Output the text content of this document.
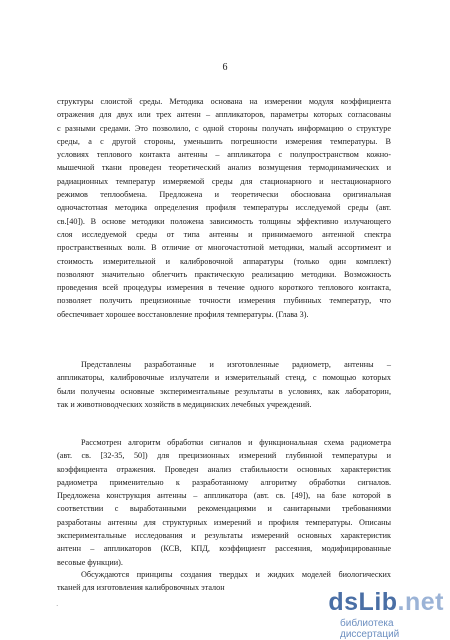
6
структуры слоистой среды. Методика основана на измерении модуля коэффициента
отражения для двух или трех антенн – аппликаторов, параметры которых согласованы
с разными средами. Это позволило, с одной стороны получать информацию о структуре
среды, а с другой стороны, уменьшить погрешности измерения температуры. В
условиях теплового контакта антенны – аппликатора с полупространством кожно-
мышечной ткани проведен теоретический анализ возмущения термодинамических и
радиационных температур измеряемой среды для стационарного и нестационарного
режимов теплообмена. Предложена и теоретически обоснована оригинальная
одночастотная методика определения профиля температуры исследуемой среды (авт.
св.[40]). В основе методики положена зависимость толщины эффективно излучающего
слоя исследуемой среды от типа антенны и принимаемого антенной спектра
пространственных волн. В отличие от многочастотной методики, малый ассортимент и
стоимость измерительной и калибровочной аппаратуры (только один комплект)
позволяют значительно облегчить практическую реализацию методики. Возможность
проведения всей процедуры измерения в течение одного короткого теплового контакта,
позволяет получить прецизионные точности измерения глубинных температур, что
обеспечивает хорошее восстановление профиля температуры. (Глава 3).
Представлены разработанные и изготовленные радиометр, антенны –
аппликаторы, калибровочные излучатели и измерительный стенд, с помощью которых
были получены основные экспериментальные результаты в условиях, как лабораторин,
так и животноводческих хозяйств в медицинских лечебных учреждений.
Рассмотрен алгоритм обработки сигналов и функциональная схема радиометра
(авт. св. [32-35, 50]) для прецизионных измерений глубинной температуры и
коэффициента отражения. Проведен анализ стабильности основных характеристик
радиометра применительно к разработанному алгоритму обработки сигналов.
Предложена конструкция антенны – аппликатора (авт. св. [49]), на базе которой в
соответствии с выработанными рекомендациями и санитарными требованиями
разработаны антенны для структурных измерений и профиля температуры. Описаны
экспериментальные исследования и результаты измерений основных характеристик
антенн – аппликаторов (КСВ, КПД, коэффициент рассеяния, модифицированные
весовые функции).
Обсуждаются принципы создания твердых и жидких моделей биологических
тканей для изготовления калибровочных эталон
·	dsLib.net
библиотека диссертаций
